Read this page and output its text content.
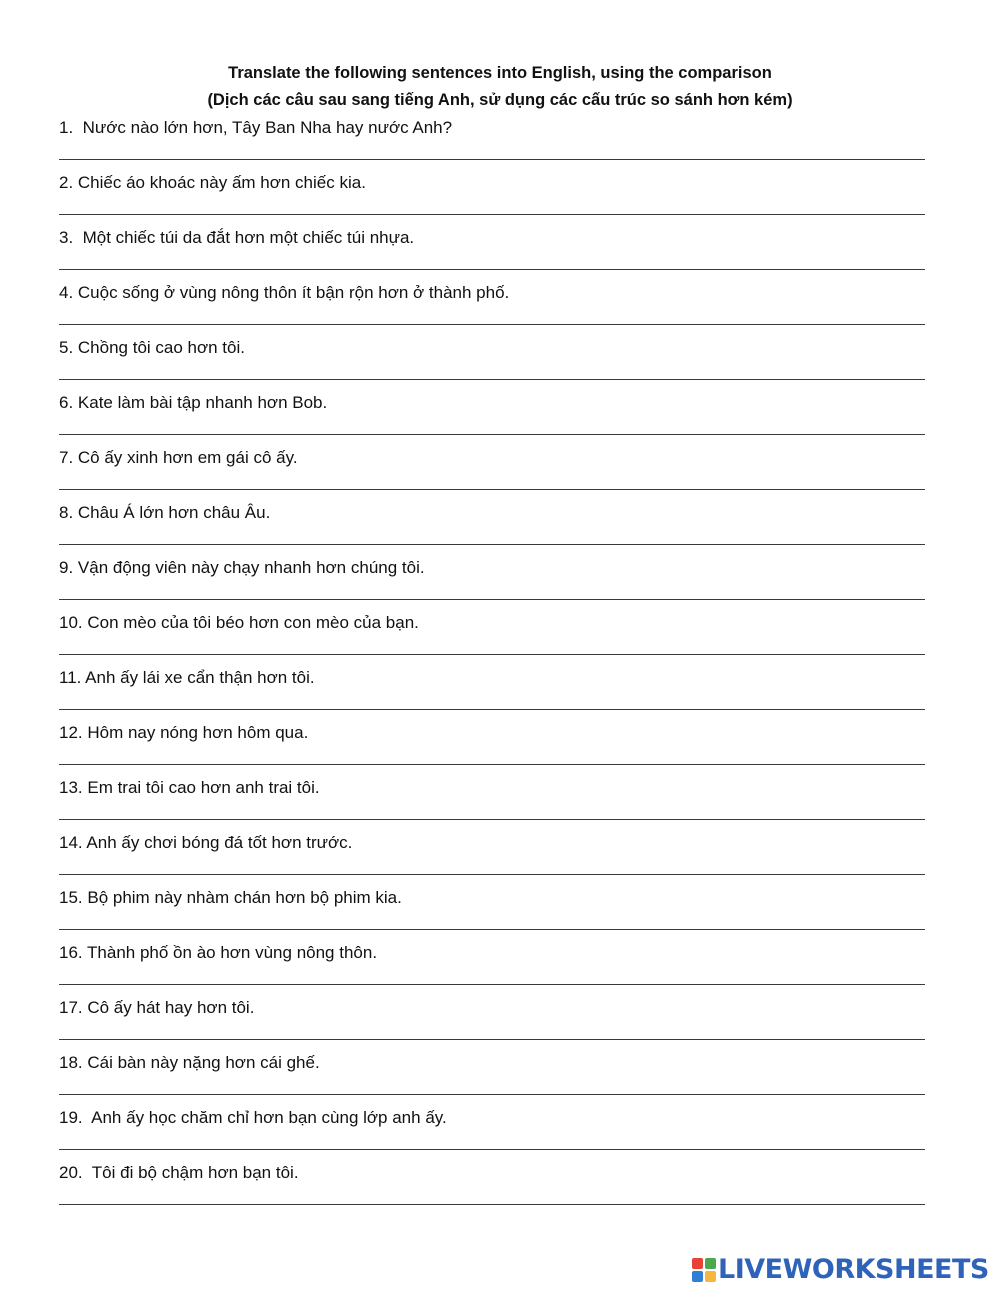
Translate the following sentences into English, using the comparison
(Dịch các câu sau sang tiếng Anh, sử dụng các cấu trúc so sánh hơn kém)
1.  Nước nào lớn hơn, Tây Ban Nha hay nước Anh?
2. Chiếc áo khoác này ấm hơn chiếc kia.
3.  Một chiếc túi da đắt hơn một chiếc túi nhựa.
4. Cuộc sống ở vùng nông thôn ít bận rộn hơn ở thành phố.
5. Chồng tôi cao hơn tôi.
6. Kate làm bài tập nhanh hơn Bob.
7. Cô ấy xinh hơn em gái cô ấy.
8. Châu Á lớn hơn châu Âu.
9. Vận động viên này chạy nhanh hơn chúng tôi.
10. Con mèo của tôi béo hơn con mèo của bạn.
11. Anh ấy lái xe cẩn thận hơn tôi.
12. Hôm nay nóng hơn hôm qua.
13. Em trai tôi cao hơn anh trai tôi.
14. Anh ấy chơi bóng đá tốt hơn trước.
15. Bộ phim này nhàm chán hơn bộ phim kia.
16. Thành phố ồn ào hơn vùng nông thôn.
17. Cô ấy hát hay hơn tôi.
18. Cái bàn này nặng hơn cái ghế.
19.  Anh ấy học chăm chỉ hơn bạn cùng lớp anh ấy.
20.  Tôi đi bộ chậm hơn bạn tôi.
LIVEWORKSHEETS
